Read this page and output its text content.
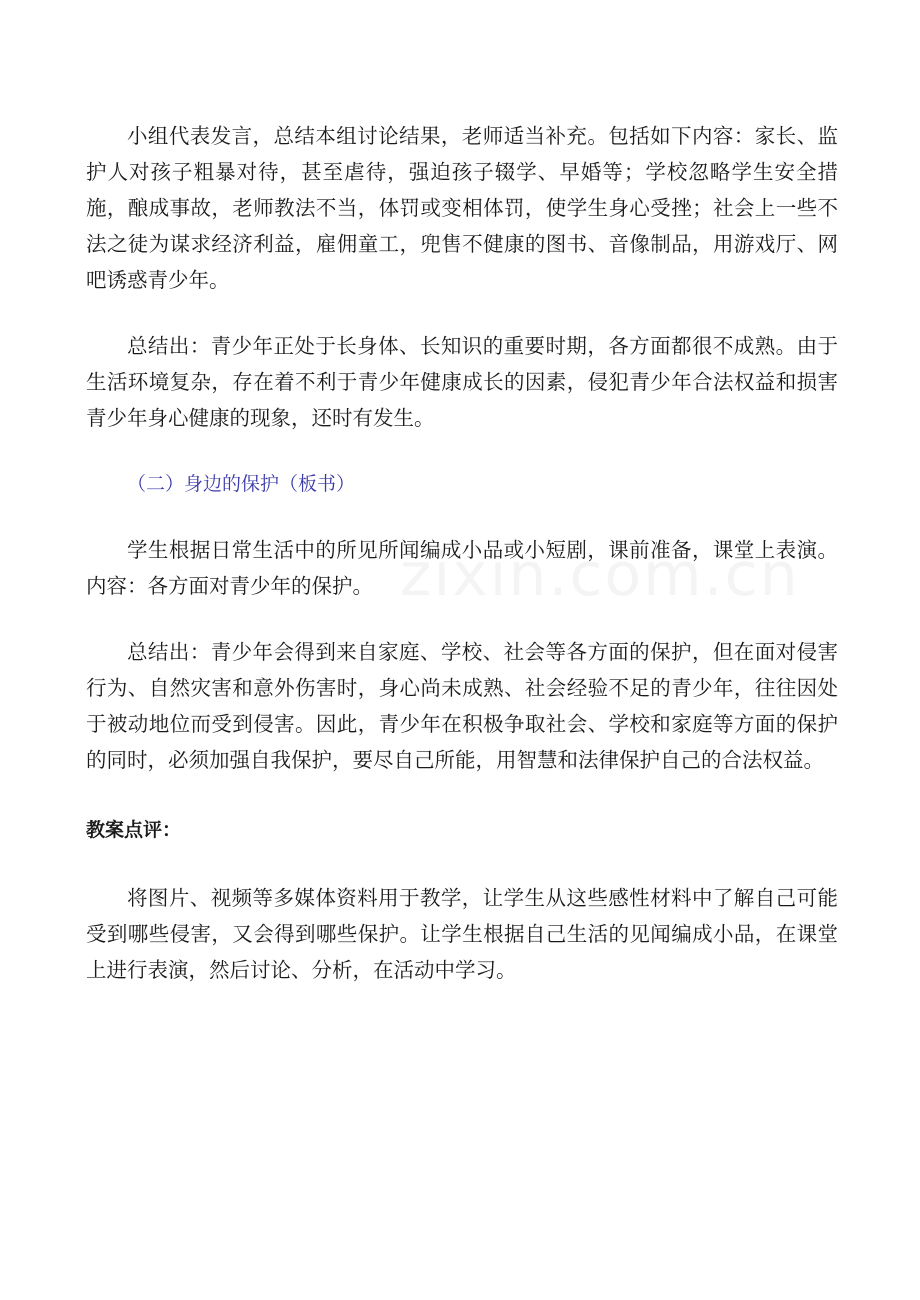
小组代表发言，总结本组讨论结果，老师适当补充。包括如下内容：家长、监护人对孩子粗暴对待，甚至虐待，强迫孩子辍学、早婚等；学校忽略学生安全措施，酿成事故，老师教法不当，体罚或变相体罚，使学生身心受挫；社会上一些不法之徒为谋求经济利益，雇佣童工，兜售不健康的图书、音像制品，用游戏厅、网吧诱惑青少年。

总结出：青少年正处于长身体、长知识的重要时期，各方面都很不成熟。由于生活环境复杂，存在着不利于青少年健康成长的因素，侵犯青少年合法权益和损害青少年身心健康的现象，还时有发生。

（二）身边的保护（板书）

学生根据日常生活中的所见所闻编成小品或小短剧，课前准备，课堂上表演。内容：各方面对青少年的保护。

总结出：青少年会得到来自家庭、学校、社会等各方面的保护，但在面对侵害行为、自然灾害和意外伤害时，身心尚未成熟、社会经验不足的青少年，往往因处于被动地位而受到侵害。因此，青少年在积极争取社会、学校和家庭等方面的保护的同时，必须加强自我保护，要尽自己所能，用智慧和法律保护自己的合法权益。

教案点评：

将图片、视频等多媒体资料用于教学，让学生从这些感性材料中了解自己可能受到哪些侵害，又会得到哪些保护。让学生根据自己生活的见闻编成小品，在课堂上进行表演，然后讨论、分析，在活动中学习。
